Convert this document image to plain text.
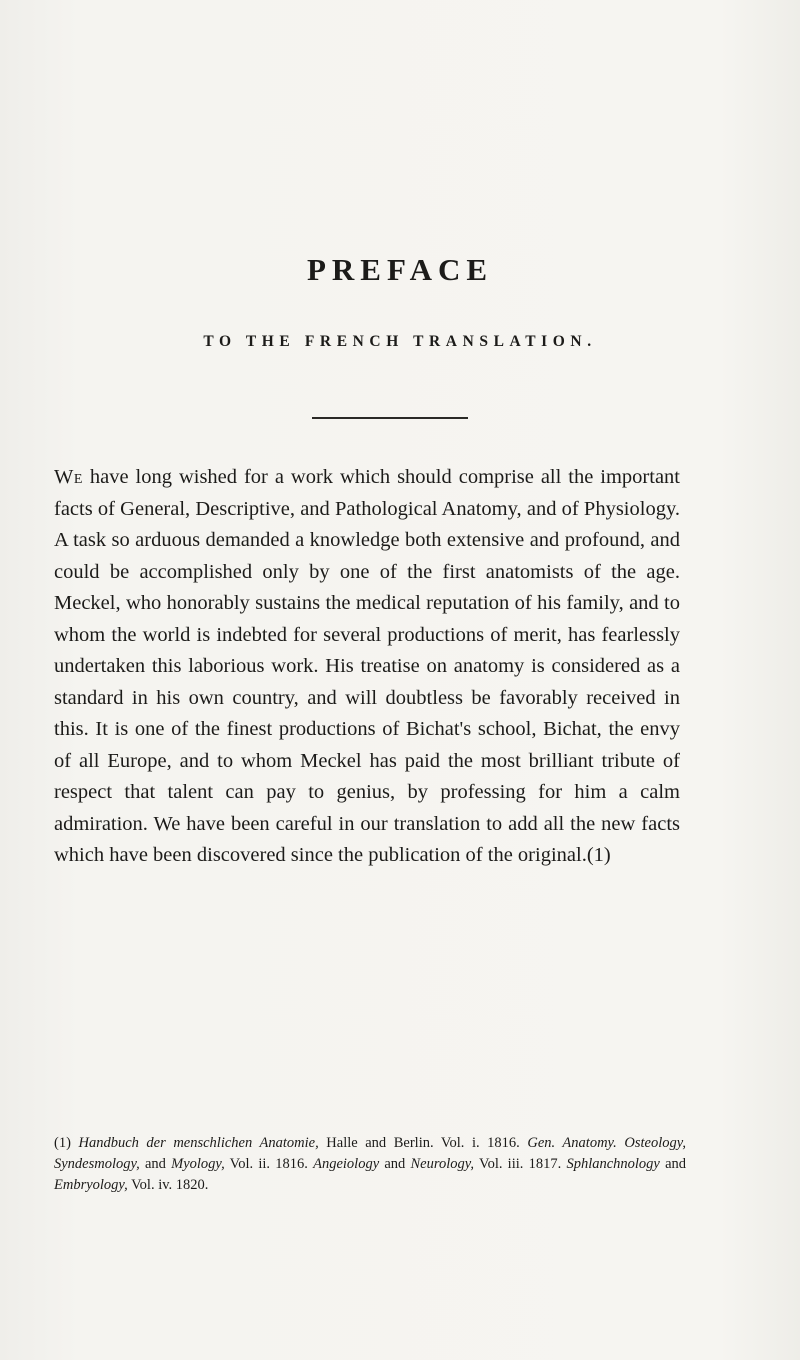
PREFACE
TO THE FRENCH TRANSLATION.

We have long wished for a work which should comprise all the important facts of General, Descriptive, and Pathological Anatomy, and of Physiology. A task so arduous demanded a knowledge both extensive and profound, and could be accomplished only by one of the first anatomists of the age. Meckel, who honorably sustains the medical reputation of his family, and to whom the world is indebted for several productions of merit, has fearlessly undertaken this laborious work. His treatise on anatomy is considered as a standard in his own country, and will doubtless be favorably received in this. It is one of the finest productions of Bichat's school, Bichat, the envy of all Europe, and to whom Meckel has paid the most brilliant tribute of respect that talent can pay to genius, by professing for him a calm admiration. We have been careful in our translation to add all the new facts which have been discovered since the publication of the original.(1)

(1) Handbuch der menschlichen Anatomie, Halle and Berlin. Vol. i. 1816. Gen. Anatomy. Osteology, Syndesmology, and Myology, Vol. ii. 1816. Angeiology and Neurology, Vol. iii. 1817. Sphlanchnology and Embryology, Vol. iv. 1820.
